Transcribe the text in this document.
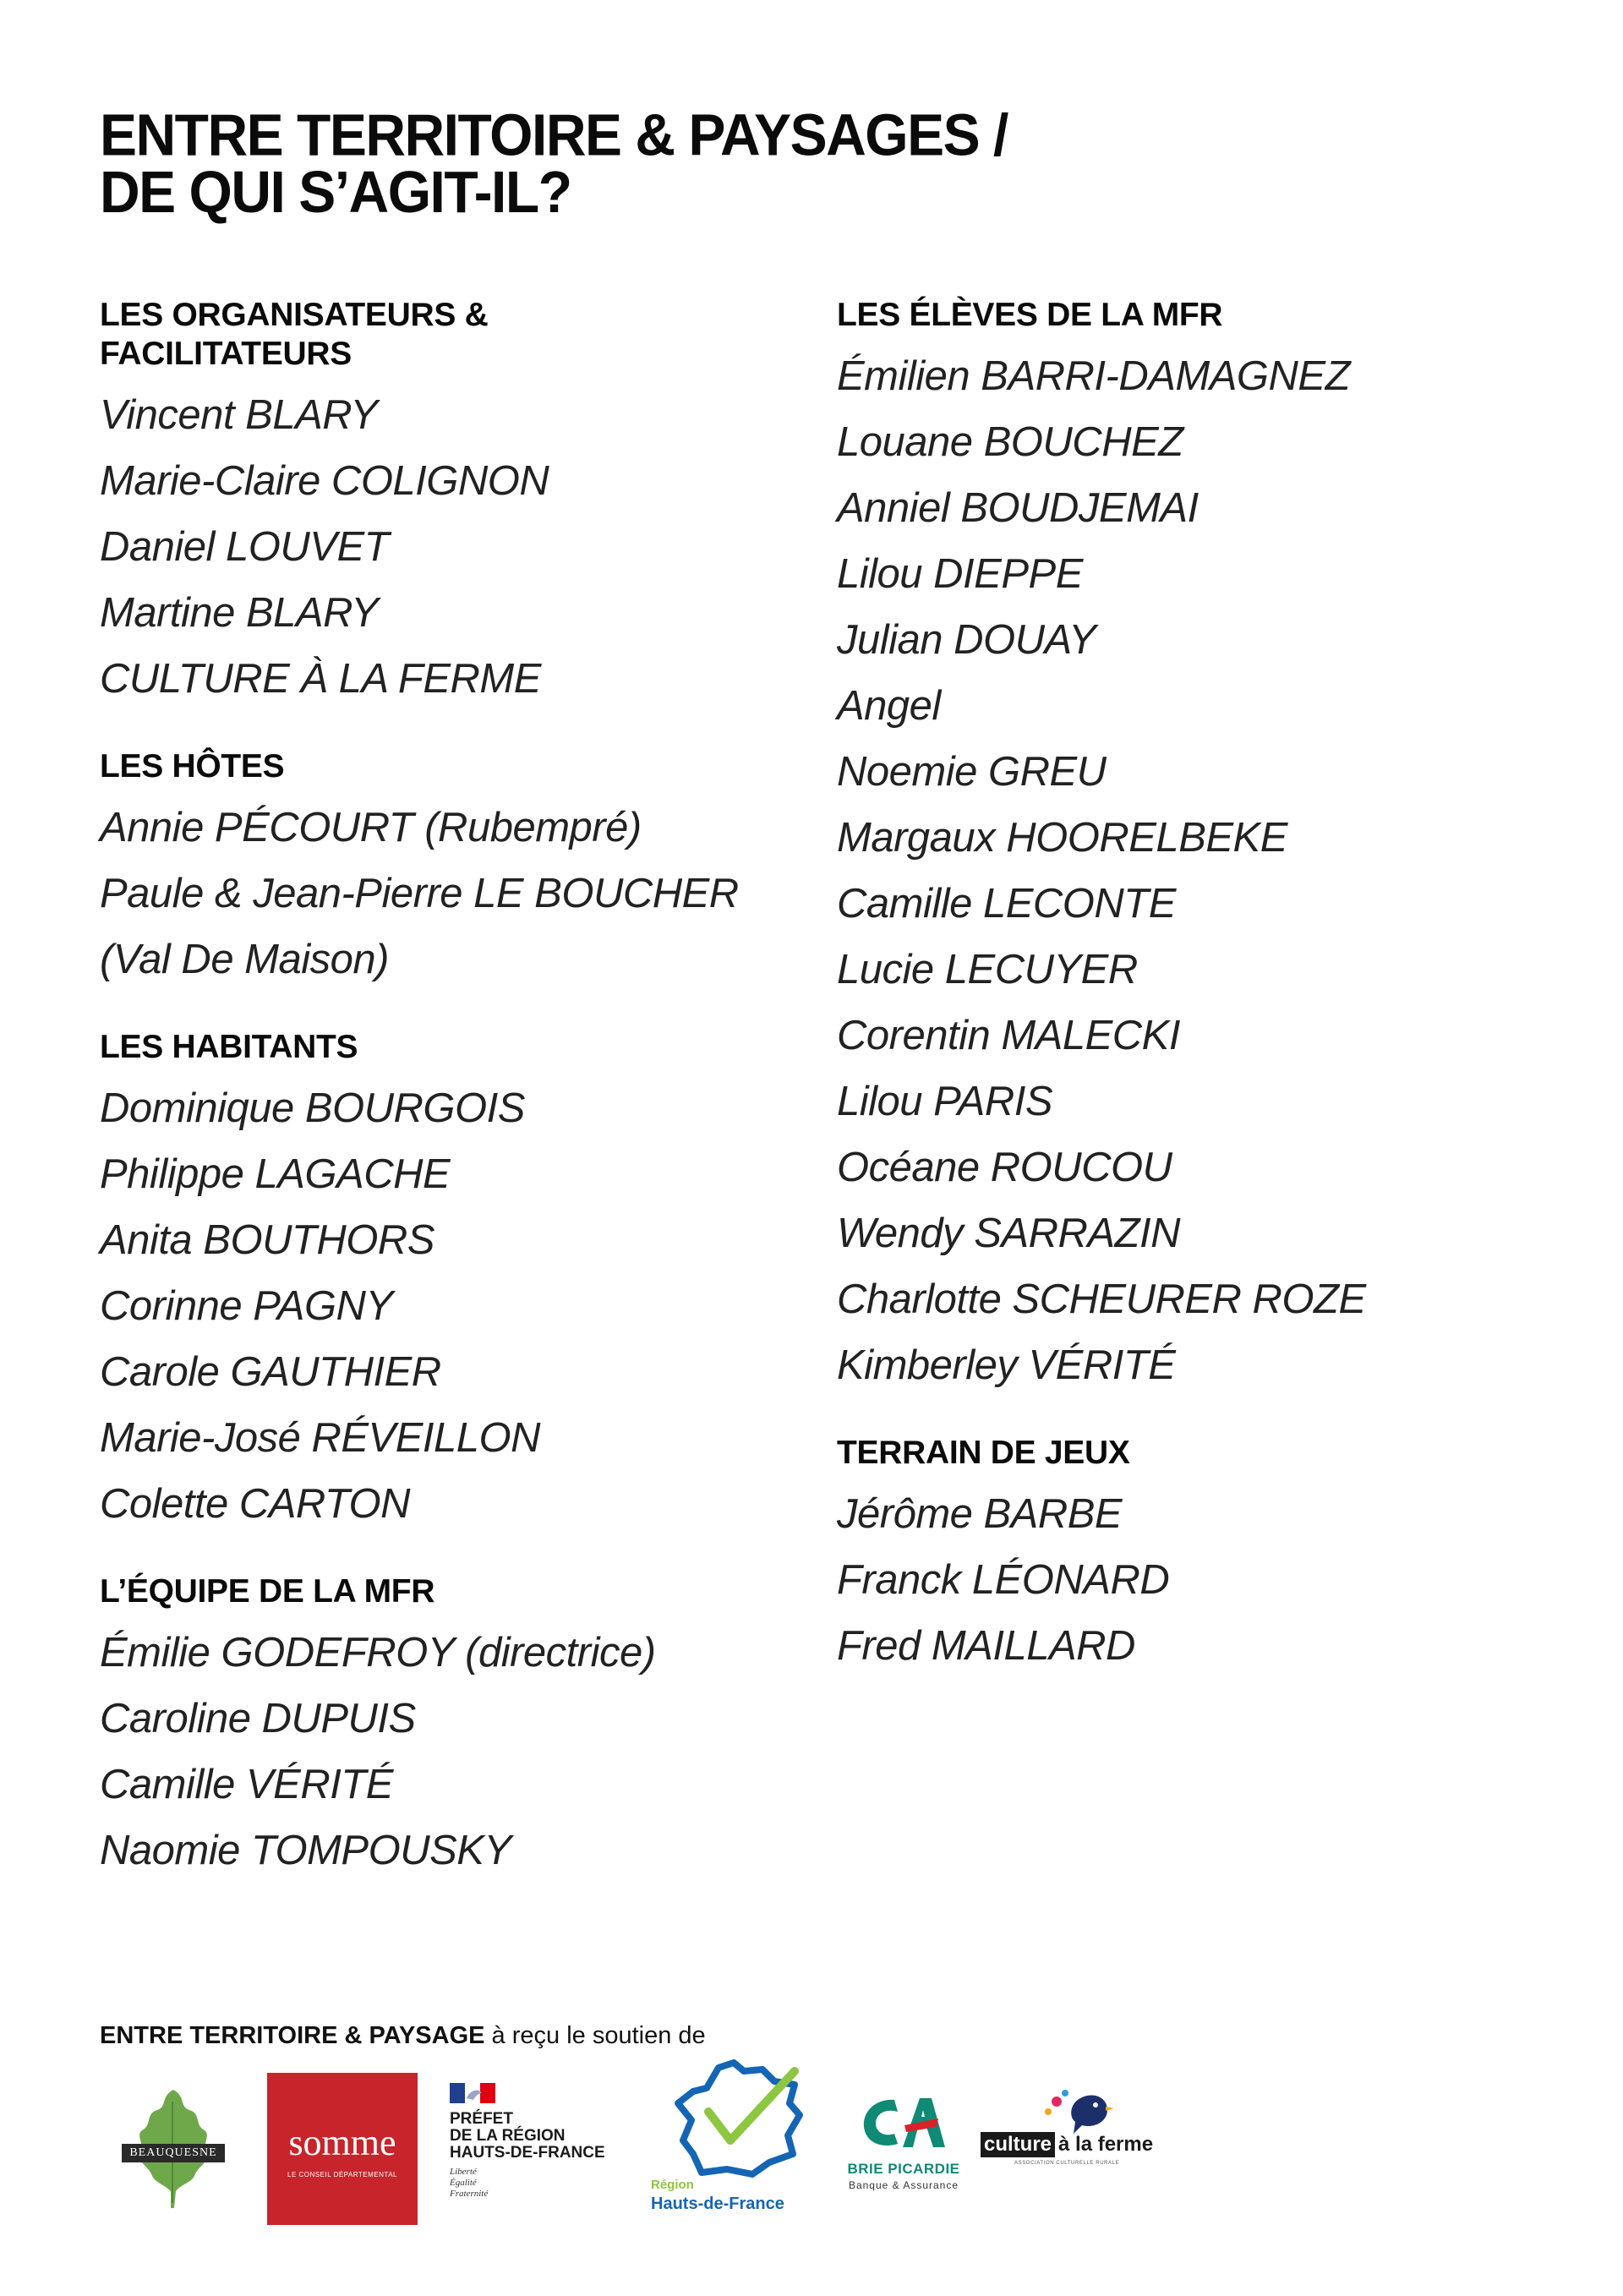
ENTRE TERRITOIRE & PAYSAGES /
DE QUI S’AGIT-IL?
LES ORGANISATEURS &
FACILITATEURS
Vincent BLARY
Marie-Claire COLIGNON
Daniel LOUVET
Martine BLARY
CULTURE À LA FERME
LES HÔTES
Annie PÉCOURT (Rubempré)
Paule & Jean-Pierre LE BOUCHER
(Val De Maison)
LES HABITANTS
Dominique BOURGOIS
Philippe LAGACHE
Anita BOUTHORS
Corinne PAGNY
Carole GAUTHIER
Marie-José RÉVEILLON
Colette CARTON
L’ÉQUIPE DE LA MFR
Émilie GODEFROY (directrice)
Caroline DUPUIS
Camille VÉRITÉ
Naomie TOMPOUSKY
LES ÉLÈVES DE LA MFR
Émilien BARRI-DAMAGNEZ
Louane BOUCHEZ
Anniel BOUDJEMAI
Lilou DIEPPE
Julian DOUAY
Angel
Noemie GREU
Margaux HOORELBEKE
Camille LECONTE
Lucie LECUYER
Corentin MALECKI
Lilou PARIS
Océane ROUCOU
Wendy SARRAZIN
Charlotte SCHEURER ROZE
Kimberley VÉRITÉ
TERRAIN DE JEUX
Jérôme BARBE
Franck LÉONARD
Fred MAILLARD
ENTRE TERRITOIRE & PAYSAGE à reçu le soutien de
BEAUQUESNE	somme
LE CONSEIL DÉPARTEMENTAL
PRÉFET
DE LA RÉGION
HAUTS-DE-FRANCE
Liberté
Égalité
Fraternité
Région
Hauts-de-France
BRIE PICARDIE
Banque & Assurance
culture à la ferme
ASSOCIATION CULTURELLE RURALE
